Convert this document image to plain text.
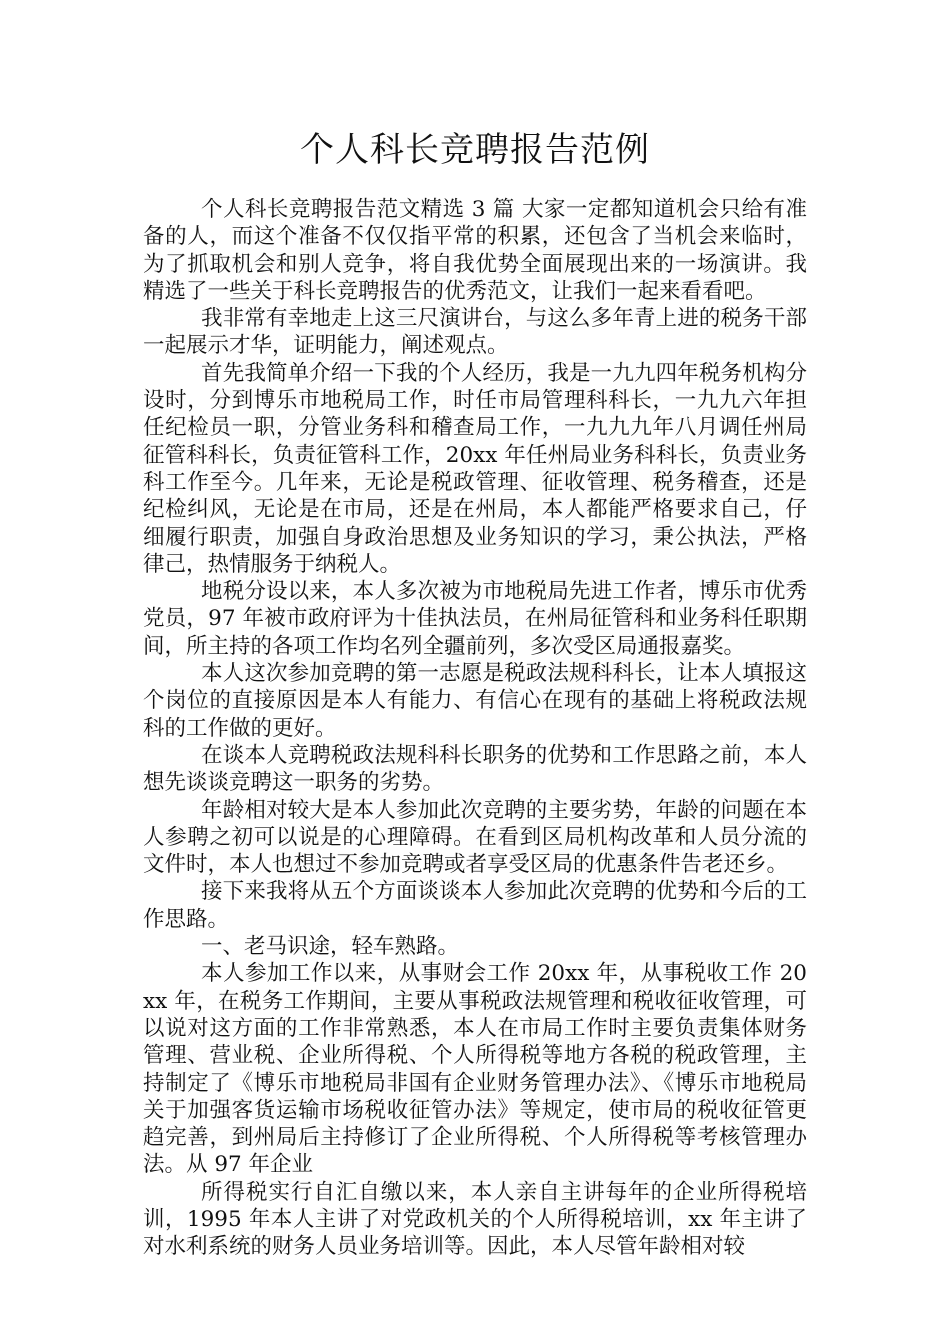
个人科长竞聘报告范例

个人科长竞聘报告范文精选 3 篇 大家一定都知道机会只给有准备的人，而这个准备不仅仅指平常的积累，还包含了当机会来临时，为了抓取机会和别人竞争，将自我优势全面展现出来的一场演讲。我精选了一些关于科长竞聘报告的优秀范文，让我们一起来看看吧。

我非常有幸地走上这三尺演讲台，与这么多年青上进的税务干部一起展示才华，证明能力，阐述观点。

首先我简单介绍一下我的个人经历，我是一九九四年税务机构分设时，分到博乐市地税局工作，时任市局管理科科长，一九九六年担任纪检员一职，分管业务科和稽查局工作，一九九九年八月调任州局征管科科长，负责征管科工作，20xx 年任州局业务科科长，负责业务科工作至今。几年来，无论是税政管理、征收管理、税务稽查，还是纪检纠风，无论是在市局，还是在州局，本人都能严格要求自己，仔细履行职责，加强自身政治思想及业务知识的学习，秉公执法，严格律己，热情服务于纳税人。

地税分设以来，本人多次被为市地税局先进工作者，博乐市优秀党员，97 年被市政府评为十佳执法员，在州局征管科和业务科任职期间，所主持的各项工作均名列全疆前列，多次受区局通报嘉奖。

本人这次参加竞聘的第一志愿是税政法规科科长，让本人填报这个岗位的直接原因是本人有能力、有信心在现有的基础上将税政法规科的工作做的更好。

在谈本人竞聘税政法规科科长职务的优势和工作思路之前，本人想先谈谈竞聘这一职务的劣势。

年龄相对较大是本人参加此次竞聘的主要劣势，年龄的问题在本人参聘之初可以说是的心理障碍。在看到区局机构改革和人员分流的文件时，本人也想过不参加竞聘或者享受区局的优惠条件告老还乡。

接下来我将从五个方面谈谈本人参加此次竞聘的优势和今后的工作思路。

一、老马识途，轻车熟路。

本人参加工作以来，从事财会工作 20xx 年，从事税收工作 20xx 年，在税务工作期间，主要从事税政法规管理和税收征收管理，可以说对这方面的工作非常熟悉，本人在市局工作时主要负责集体财务管理、营业税、企业所得税、个人所得税等地方各税的税政管理，主持制定了《博乐市地税局非国有企业财务管理办法》、《博乐市地税局关于加强客货运输市场税收征管办法》等规定，使市局的税收征管更趋完善，到州局后主持修订了企业所得税、个人所得税等考核管理办法。从 97 年企业

所得税实行自汇自缴以来，本人亲自主讲每年的企业所得税培训，1995 年本人主讲了对党政机关的个人所得税培训，xx 年主讲了对水利系统的财务人员业务培训等。因此，本人尽管年龄相对较
